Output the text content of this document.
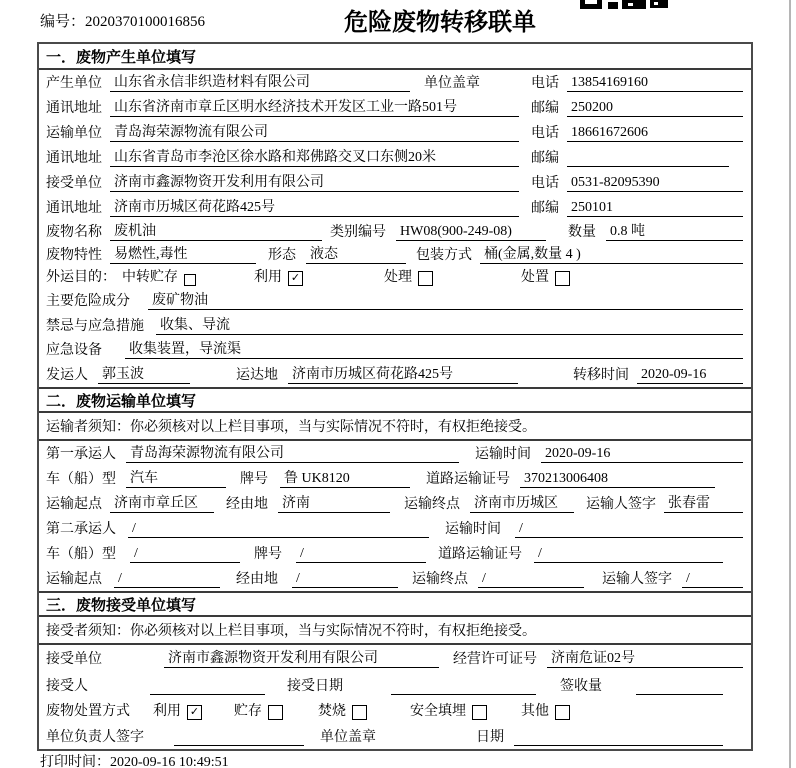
编号：2020370100016856	危险废物转移联单
一．废物产生单位填写
产生单位 山东省永信非织造材料有限公司	单位盖章	电话 13854169160
通讯地址 山东省济南市章丘区明水经济技术开发区工业一路501号	邮编 250200
运输单位 青岛海荣源物流有限公司	电话 18661672606
通讯地址 山东省青岛市李沧区徐水路和郑佛路交叉口东侧20米	邮编
接受单位 济南市鑫源物资开发利用有限公司	电话 0531-82095390
通讯地址 济南市历城区荷花路425号	邮编 250101
废物名称 废机油	类别编号 HW08(900-249-08)	数量 0.8 吨
废物特性 易燃性,毒性	形态 液态	包装方式 桶(金属,数量 4 )
外运目的： 中转贮存	利用 ✓	处理	处置
主要危险成分 废矿物油
禁忌与应急措施 收集、导流
应急设备 收集装置，导流渠
发运人 郭玉波	运达地 济南市历城区荷花路425号	转移时间 2020-09-16
二．废物运输单位填写
运输者须知：你必须核对以上栏目事项，当与实际情况不符时，有权拒绝接受。
第一承运人 青岛海荣源物流有限公司	运输时间 2020-09-16
车（船）型 汽车	牌号 鲁 UK8120	道路运输证号 370213006408
运输起点 济南市章丘区	经由地 济南	运输终点 济南市历城区	运输人签字 张春雷
第二承运人 /	运输时间 /
车（船）型 /	牌号 /	道路运输证号 /
运输起点 /	经由地 /	运输终点 /	运输人签字 /
三．废物接受单位填写
接受者须知：你必须核对以上栏目事项，当与实际情况不符时，有权拒绝接受。
接受单位	济南市鑫源物资开发利用有限公司	经营许可证号 济南危证02号
接受人	接受日期	签收量
废物处置方式 利用 ✓ 贮存	焚烧	安全填埋	其他
单位负责人签字	单位盖章	日期
打印时间：2020-09-16 10:49:51
